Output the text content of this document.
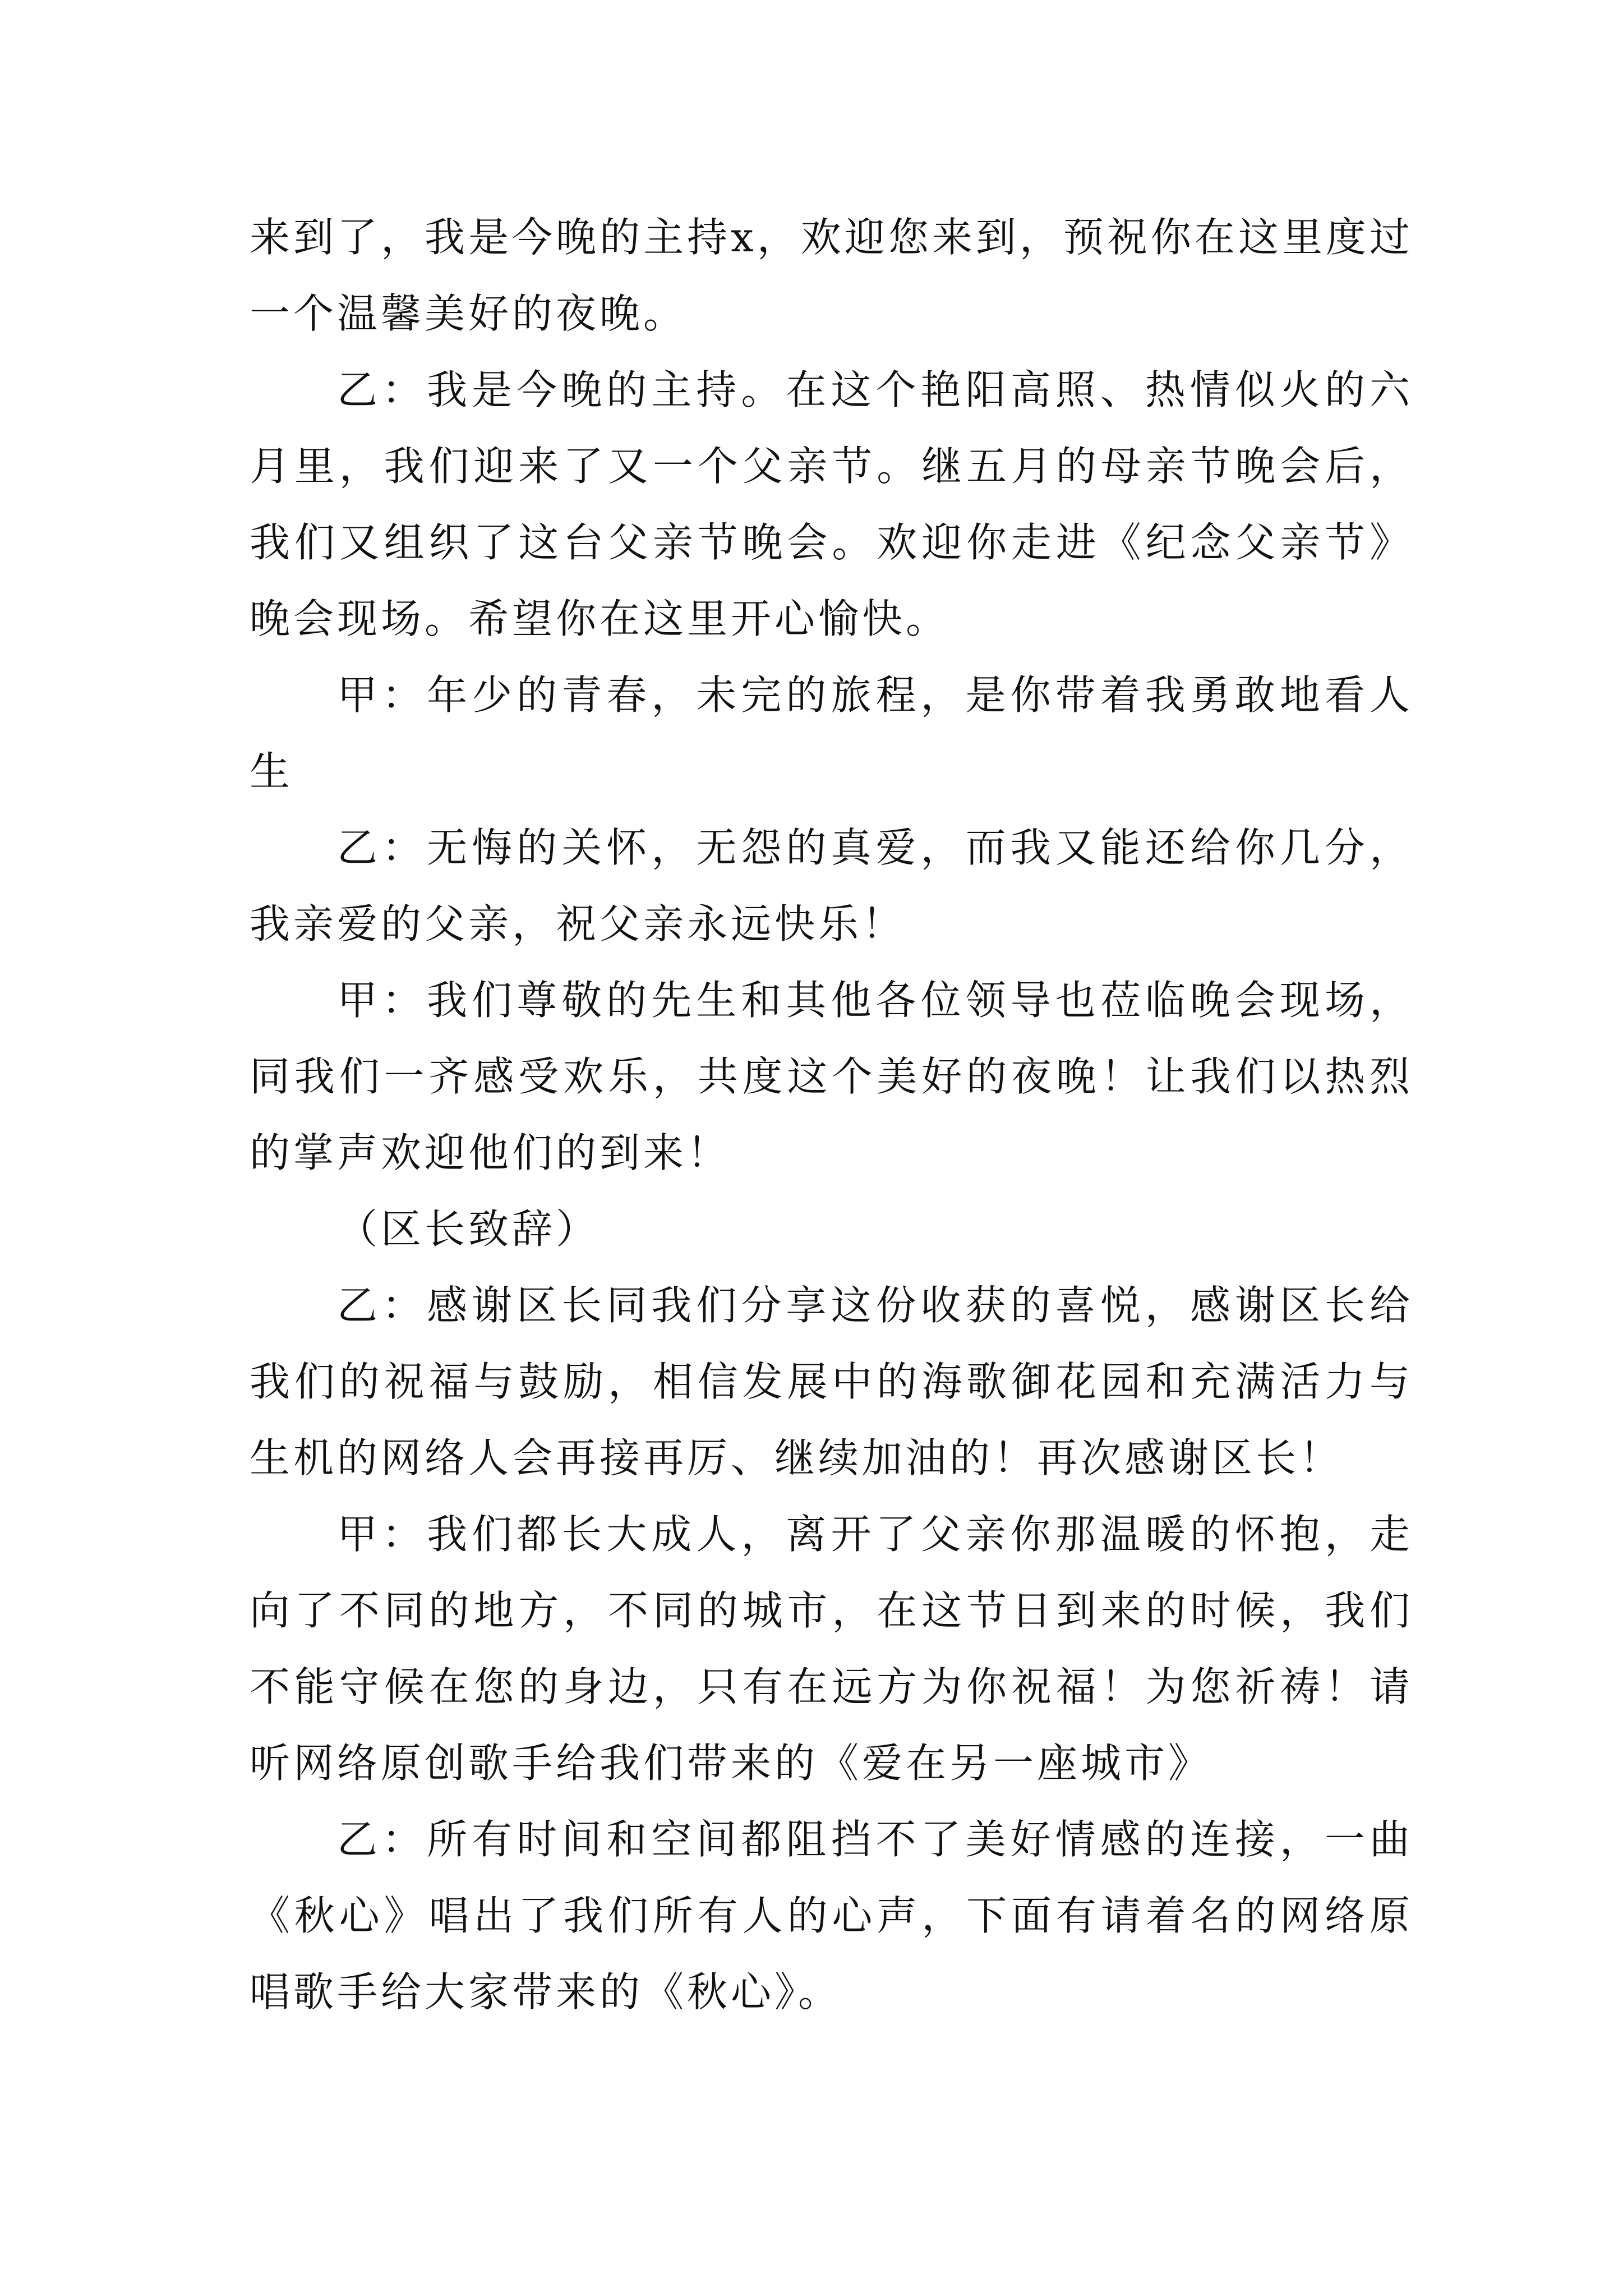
来到了，我是今晚的主持x，欢迎您来到，预祝你在这里度过一个温馨美好的夜晚。

乙：我是今晚的主持。在这个艳阳高照、热情似火的六月里，我们迎来了又一个父亲节。继五月的母亲节晚会后，我们又组织了这台父亲节晚会。欢迎你走进《纪念父亲节》晚会现场。希望你在这里开心愉快。

甲：年少的青春，未完的旅程，是你带着我勇敢地看人生

乙：无悔的关怀，无怨的真爱，而我又能还给你几分，我亲爱的父亲，祝父亲永远快乐！

甲：我们尊敬的先生和其他各位领导也莅临晚会现场，同我们一齐感受欢乐，共度这个美好的夜晚！让我们以热烈的掌声欢迎他们的到来！

（区长致辞）

乙：感谢区长同我们分享这份收获的喜悦，感谢区长给我们的祝福与鼓励，相信发展中的海歌御花园和充满活力与生机的网络人会再接再厉、继续加油的！再次感谢区长！

甲：我们都长大成人，离开了父亲你那温暖的怀抱，走向了不同的地方，不同的城市，在这节日到来的时候，我们不能守候在您的身边，只有在远方为你祝福！为您祈祷！请听网络原创歌手给我们带来的《爱在另一座城市》

乙：所有时间和空间都阻挡不了美好情感的连接，一曲《秋心》唱出了我们所有人的心声，下面有请着名的网络原唱歌手给大家带来的《秋心》。
